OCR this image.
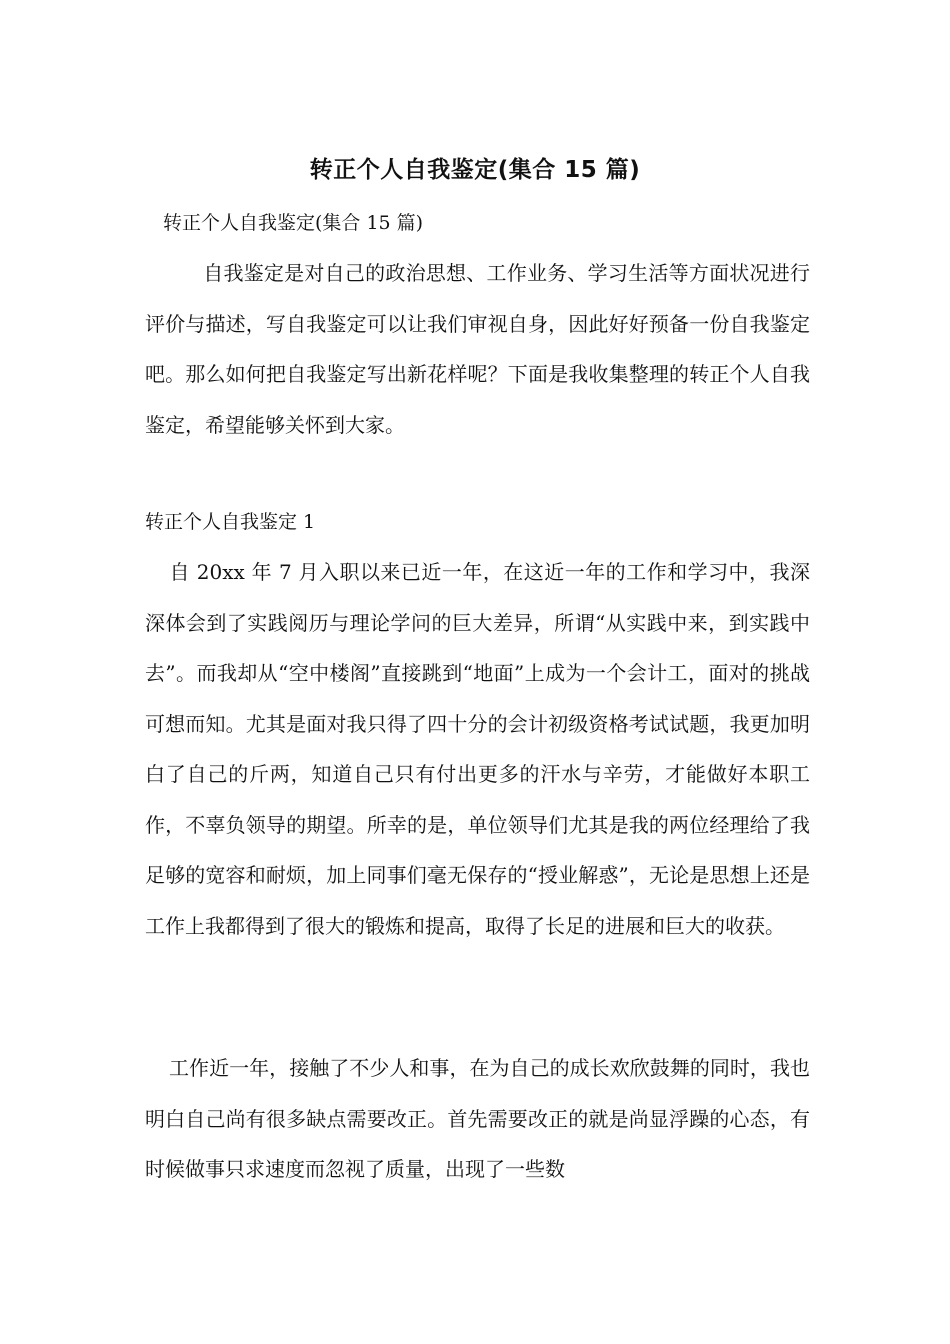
转正个人自我鉴定(集合 15 篇)

转正个人自我鉴定(集合 15 篇)

自我鉴定是对自己的政治思想、工作业务、学习生活等方面状况进行评价与描述，写自我鉴定可以让我们审视自身，因此好好预备一份自我鉴定吧。那么如何把自我鉴定写出新花样呢？下面是我收集整理的转正个人自我鉴定，希望能够关怀到大家。

转正个人自我鉴定 1

自 20xx 年 7 月入职以来已近一年，在这近一年的工作和学习中，我深深体会到了实践阅历与理论学问的巨大差异，所谓“从实践中来，到实践中去”。而我却从“空中楼阁”直接跳到“地面”上成为一个会计工，面对的挑战可想而知。尤其是面对我只得了四十分的会计初级资格考试试题，我更加明白了自己的斤两，知道自己只有付出更多的汗水与辛劳，才能做好本职工作，不辜负领导的期望。所幸的是，单位领导们尤其是我的两位经理给了我足够的宽容和耐烦，加上同事们毫无保存的“授业解惑”，无论是思想上还是工作上我都得到了很大的锻炼和提高，取得了长足的进展和巨大的收获。

工作近一年，接触了不少人和事，在为自己的成长欢欣鼓舞的同时，我也明白自己尚有很多缺点需要改正。首先需要改正的就是尚显浮躁的心态，有时候做事只求速度而忽视了质量，出现了一些数
